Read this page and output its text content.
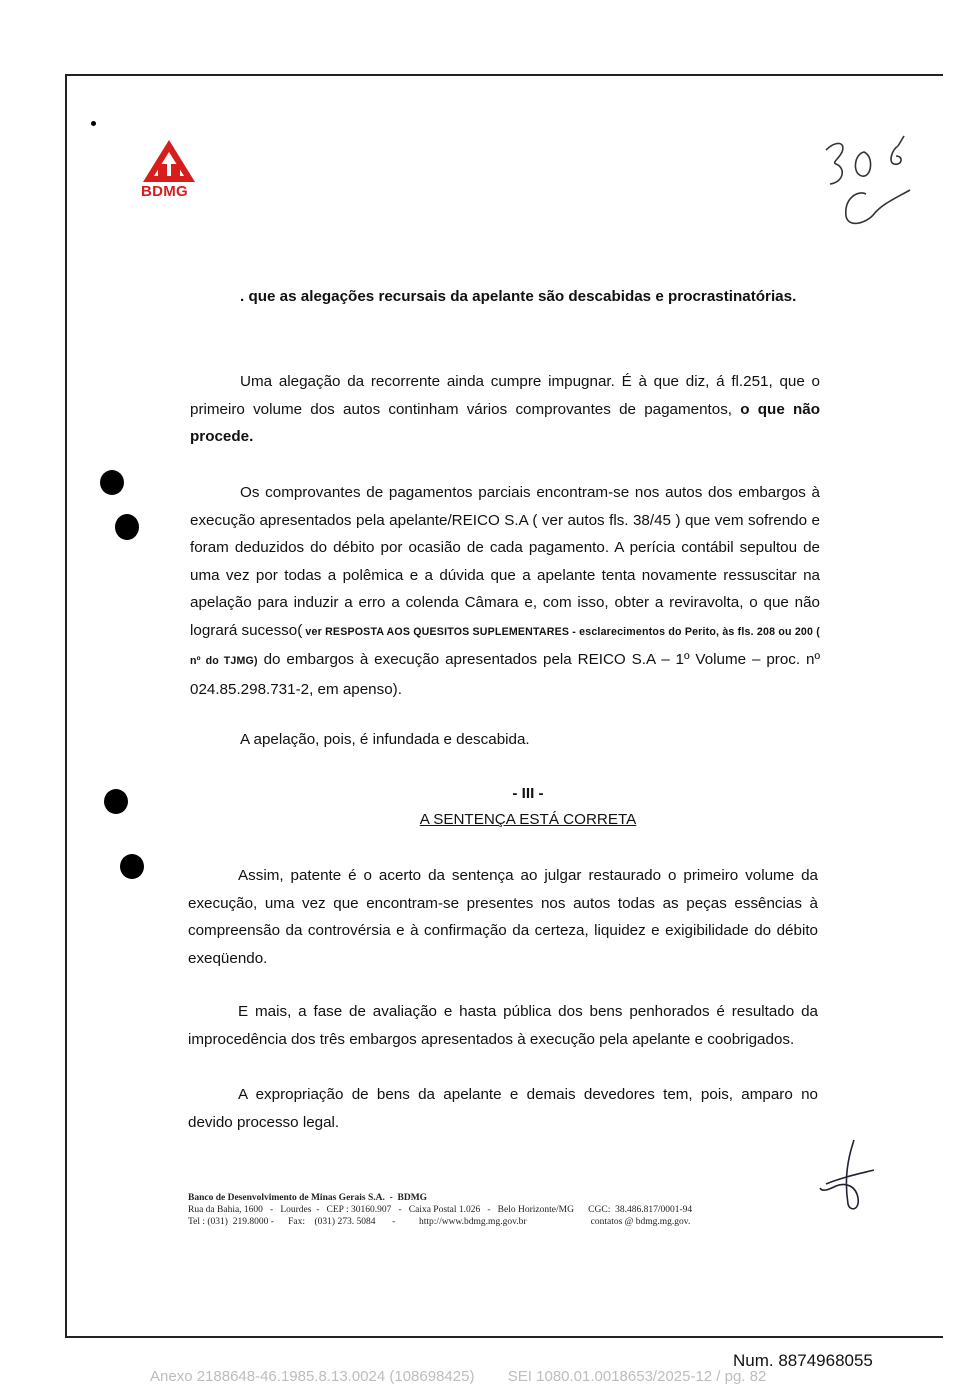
BDMG
306
. que as alegações recursais da apelante são descabidas e procrastinatórias.
Uma alegação da recorrente ainda cumpre impugnar. É à que diz, á fl.251, que o primeiro volume dos autos continham vários comprovantes de pagamentos, o que não procede.
Os comprovantes de pagamentos parciais encontram-se nos autos dos embargos à execução apresentados pela apelante/REICO S.A ( ver autos fls. 38/45 ) que vem sofrendo e foram deduzidos do débito por ocasião de cada pagamento. A perícia contábil sepultou de uma vez por todas a polêmica e a dúvida que a apelante tenta novamente ressuscitar na apelação para induzir a erro a colenda Câmara e, com isso, obter a reviravolta, o que não logrará sucesso( ver RESPOSTA AOS QUESITOS SUPLEMENTARES - esclarecimentos do Perito, às fls. 208 ou 200 ( nº do TJMG) do embargos à execução apresentados pela REICO S.A – 1º Volume – proc. nº 024.85.298.731-2, em apenso).
A apelação, pois, é infundada e descabida.
- III -
A SENTENÇA ESTÁ CORRETA
Assim, patente é o acerto da sentença ao julgar restaurado o primeiro volume da execução, uma vez que encontram-se presentes nos autos todas as peças essências à compreensão da controvérsia e à confirmação da certeza, liquidez e exigibilidade do débito exeqüendo.
E mais, a fase de avaliação e hasta pública dos bens penhorados é resultado da improcedência dos três embargos apresentados à execução pela apelante e coobrigados.
A expropriação de bens da apelante e demais devedores tem, pois, amparo no devido processo legal.
Banco de Desenvolvimento de Minas Gerais S.A.  -  BDMG
Rua da Bahia, 1600   -   Lourdes  -   CEP : 30160.907   -   Caixa Postal 1.026   -   Belo Horizonte/MG      CGC:  38.486.817/0001-94
Tel : (031)  219.8000 -      Fax:    (031) 273. 5084       -          http://www.bdmg.mg.gov.br                           contatos @ bdmg.mg.gov.
Num. 8874968055
Anexo 2188648-46.1985.8.13.0024 (108698425)        SEI 1080.01.0018653/2025-12 / pg. 82
